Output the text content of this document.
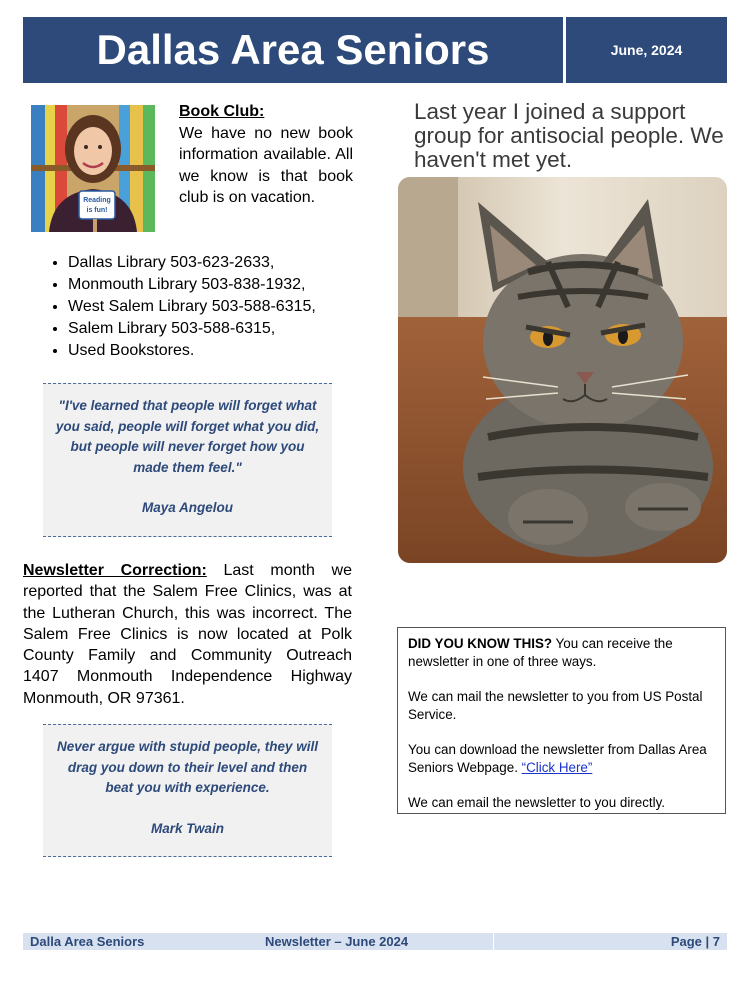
Dallas Area Seniors	June, 2024
Reading
is fun!
Book Club:
We have no new book information available. All we know is that book club is on vacation.
• Dallas Library 503-623-2633,
• Monmouth Library 503-838-1932,
• West Salem Library 503-588-6315,
• Salem Library 503-588-6315,
• Used Bookstores.
"I've learned that people will forget what you said, people will forget what you did, but people will never forget how you made them feel."
Maya Angelou
Newsletter Correction: Last month we reported that the Salem Free Clinics, was at the Lutheran Church, this was incorrect. The Salem Free Clinics is now located at Polk County Family and Community Outreach 1407 Monmouth Independence Highway Monmouth, OR 97361.
Never argue with stupid people, they will drag you down to their level and then beat you with experience.
Mark Twain
Last year I joined a support group for antisocial people. We haven't met yet.

DID YOU KNOW THIS? You can receive the newsletter in one of three ways.

We can mail the newsletter to you from US Postal Service.

You can download the newsletter from Dallas Area Seniors Webpage. “Click Here”

We can email the newsletter to you directly.

Dalla Area Seniors	Newsletter – June 2024	Page | 7
